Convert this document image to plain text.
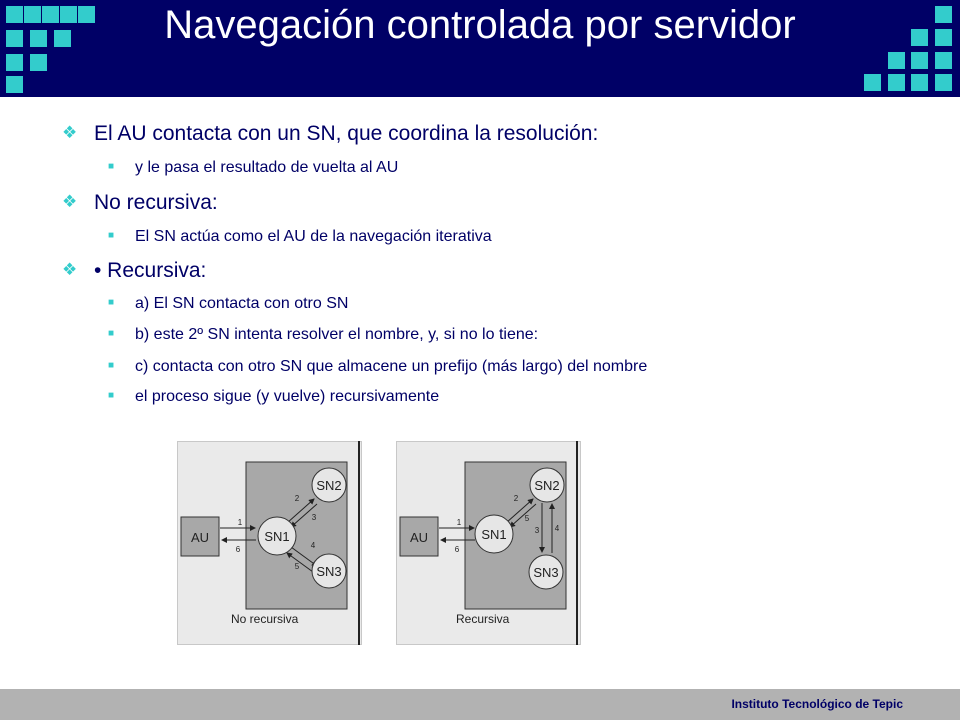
Navegación controlada por servidor
❖ El AU contacta con un SN, que coordina la resolución:
■ y le pasa el resultado de vuelta al AU
❖ No recursiva:
■ El SN actúa como el AU de la navegación iterativa
❖ • Recursiva:
■ a) El SN contacta con otro SN
■ b) este 2º SN intenta resolver el nombre, y, si no lo tiene:
■ c) contacta con otro SN que almacene un prefijo (más largo) del nombre
■ el proceso sigue (y vuelve) recursivamente
AU
1
6
2
3
4
5
SN2
SN1
SN3
No recursiva
AU
1
6
2
5
3 4
SN2
SN1
SN3
Recursiva
Instituto Tecnológico de Tepic
